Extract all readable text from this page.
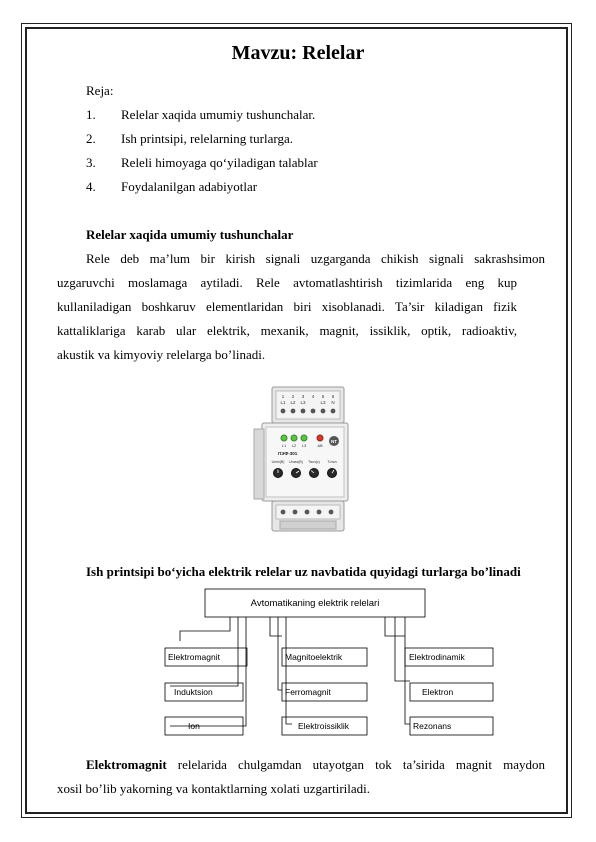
Mavzu: Relelar
Reja:
1. Relelar xaqida umumiy tushunchalar.
2. Ish printsipi, relelarning turlarga.
3. Releli himoyaga qo‘yiladigan talablar
4. Foydalanilgan adabiyotlar
Relelar xaqida umumiy tushunchalar
Rele deb ma’lum bir kirish signali uzgarganda chikish signali sakrashsimon
uzgaruvchi moslamaga aytiladi. Rele avtomatlashtirish tizimlarida eng kup
kullaniladigan boshkaruv elementlaridan biri xisoblanadi. Ta’sir kiladigan fizik
kattaliklariga karab ular elektrik, mexanik, magnit, issiklik, optik, radioaktiv,
akustik va kimyoviy relelarga bo’linadi.
1 2 3 4 5 6
L1 L2 L3	L3 N
L1 L2 L3	АВ
NT
ПЭФ-301
Umin(B) Umax(B) Tвкл(c) Tоткл
Ish printsipi bo‘yicha elektrik relelar uz navbatida quyidagi turlarga bo’linadi
Avtomatikaning elektrik relelari
Elektromagnit
Induktsion
Ion
Magnitoelektrik
Ferromagnit
Elektroissiklik
Elektrodinamik
Elektron
Rezonans
Elektromagnit relelarida chulgamdan utayotgan tok ta’sirida magnit maydon
xosil bo’lib yakorning va kontaktlarning xolati uzgartiriladi.
